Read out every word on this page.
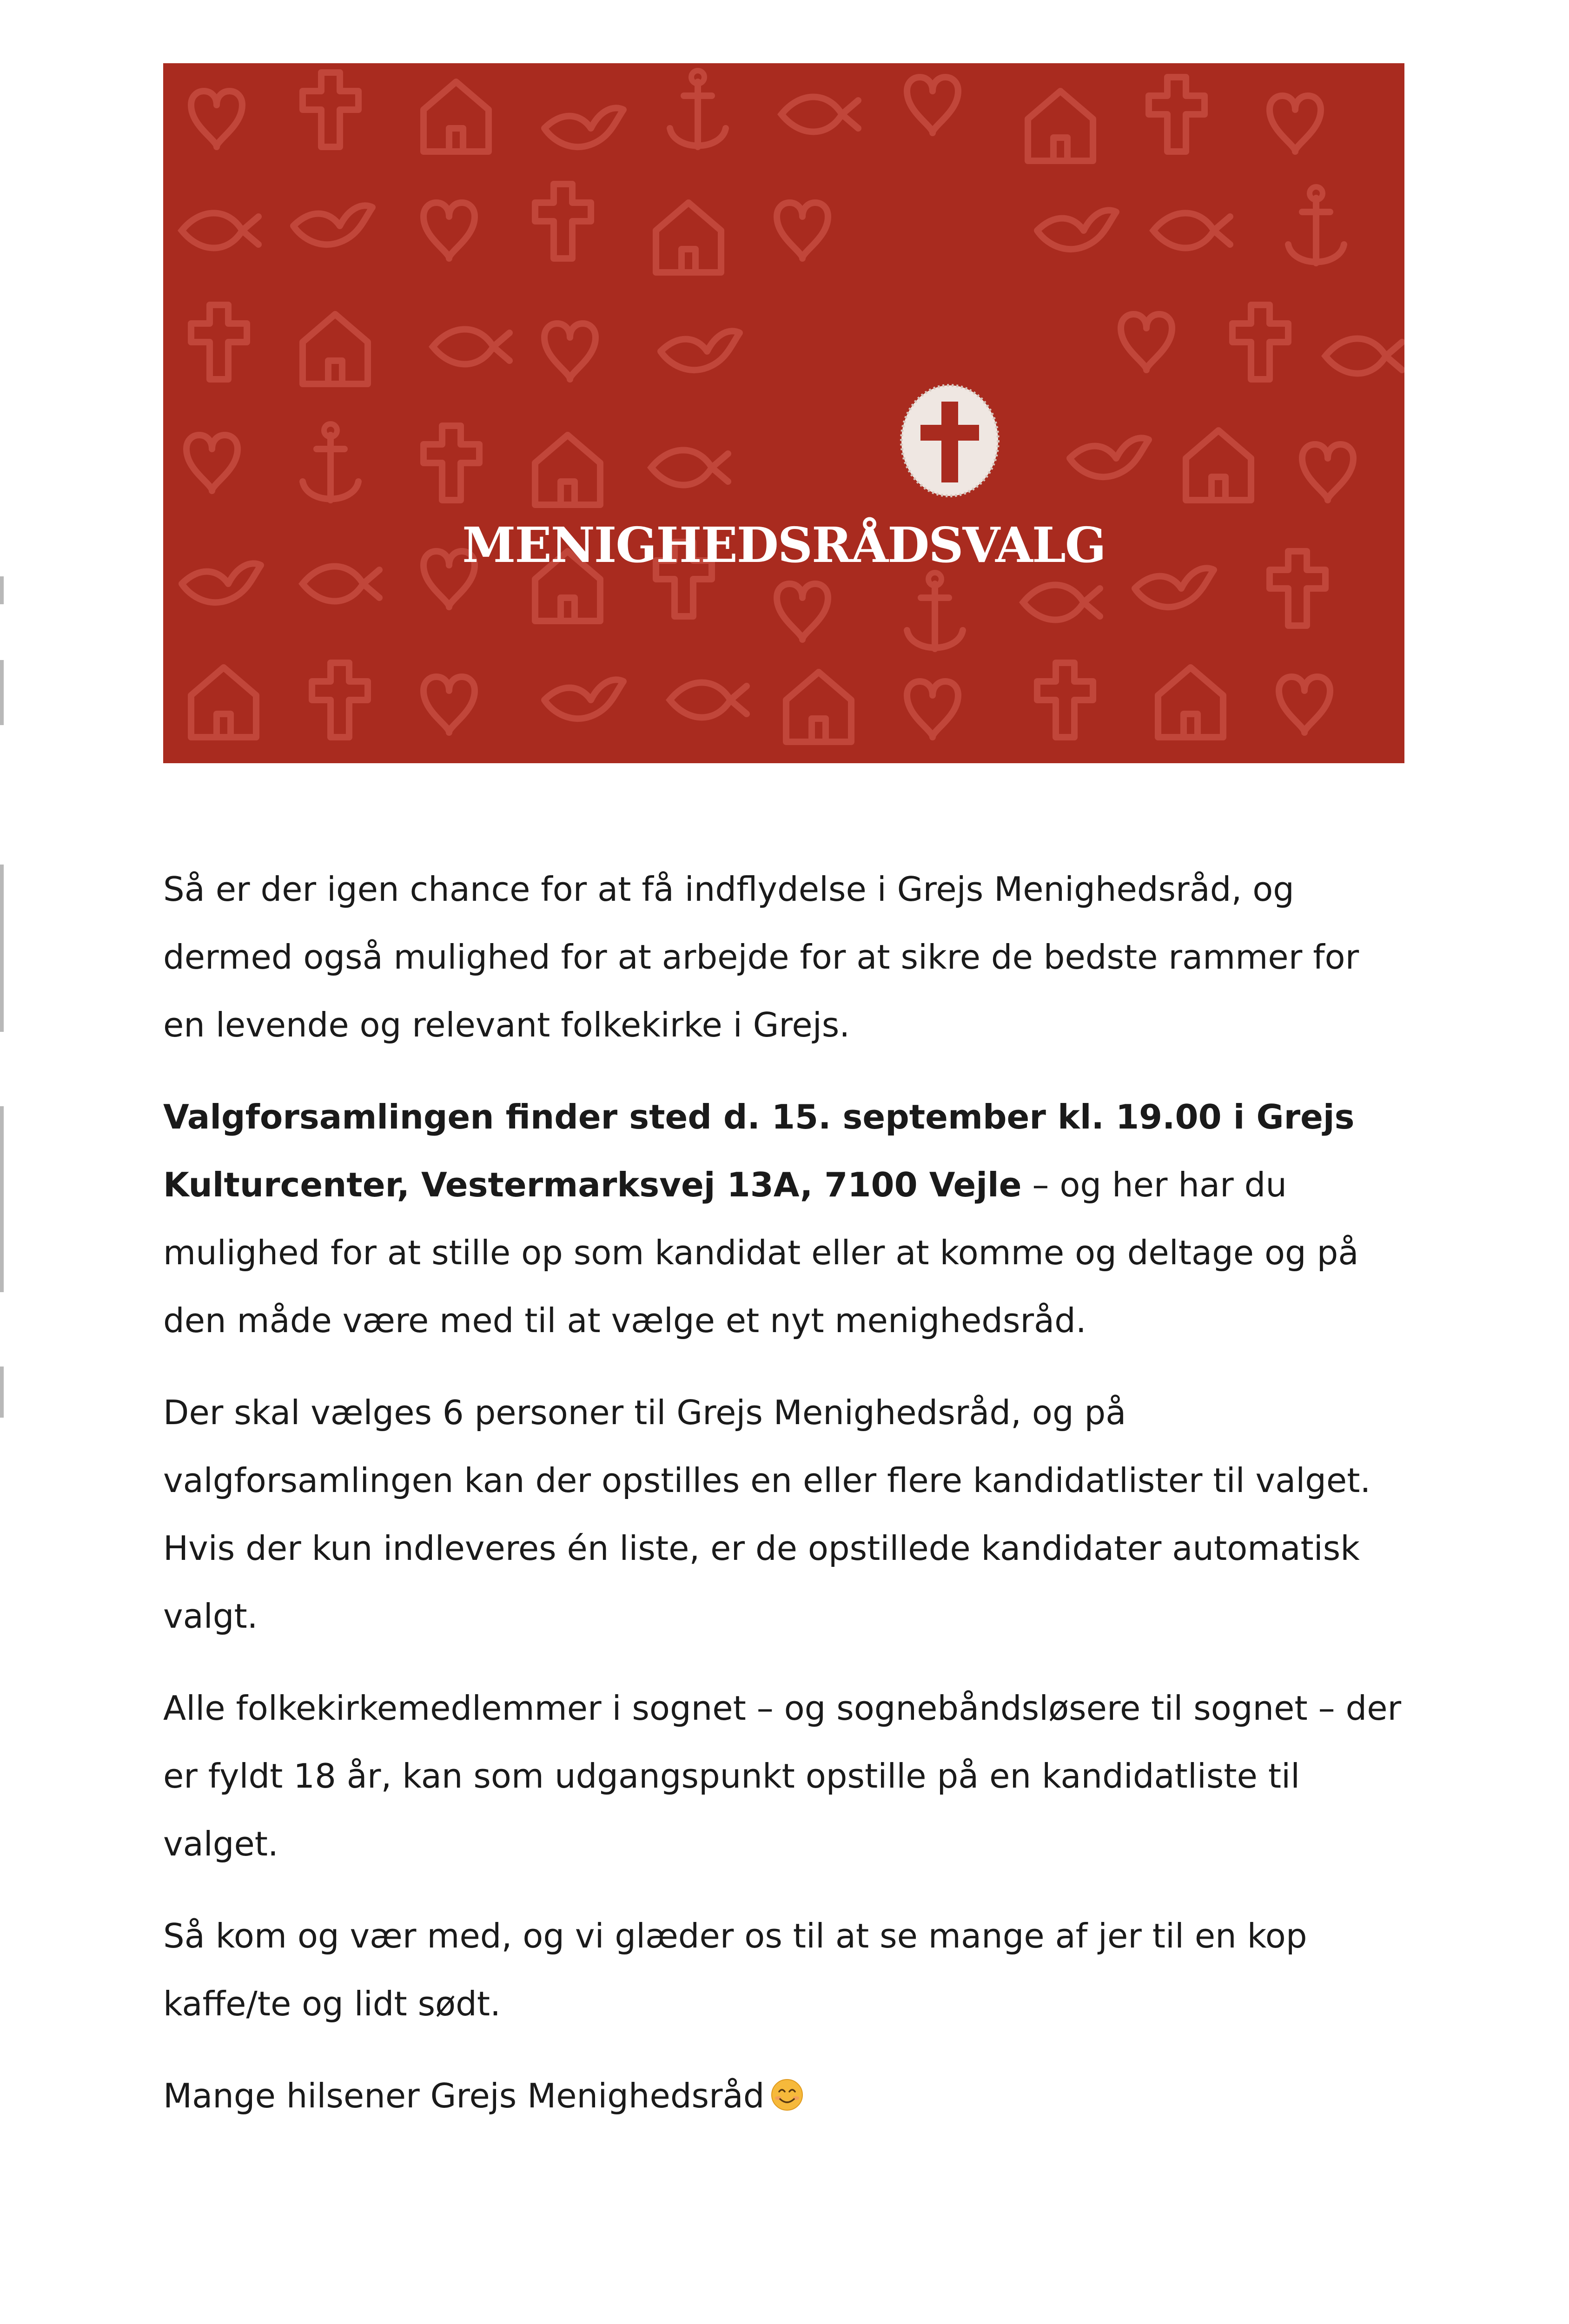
MENIGHEDSRÅDSVALG

Så er der igen chance for at få indflydelse i Grejs Menighedsråd, og dermed også mulighed for at arbejde for at sikre de bedste rammer for en levende og relevant folkekirke i Grejs.

Valgforsamlingen finder sted d. 15. september kl. 19.00 i Grejs Kulturcenter, Vestermarksvej 13A, 7100 Vejle – og her har du mulighed for at stille op som kandidat eller at komme og deltage og på den måde være med til at vælge et nyt menighedsråd.

Der skal vælges 6 personer til Grejs Menighedsråd, og på valgforsamlingen kan der opstilles en eller flere kandidatlister til valget. Hvis der kun indleveres én liste, er de opstillede kandidater automatisk valgt.

Alle folkekirkemedlemmer i sognet – og sognebåndsløsere til sognet – der er fyldt 18 år, kan som udgangspunkt opstille på en kandidatliste til valget.

Så kom og vær med, og vi glæder os til at se mange af jer til en kop kaffe/te og lidt sødt.

Mange hilsener Grejs Menighedsråd
